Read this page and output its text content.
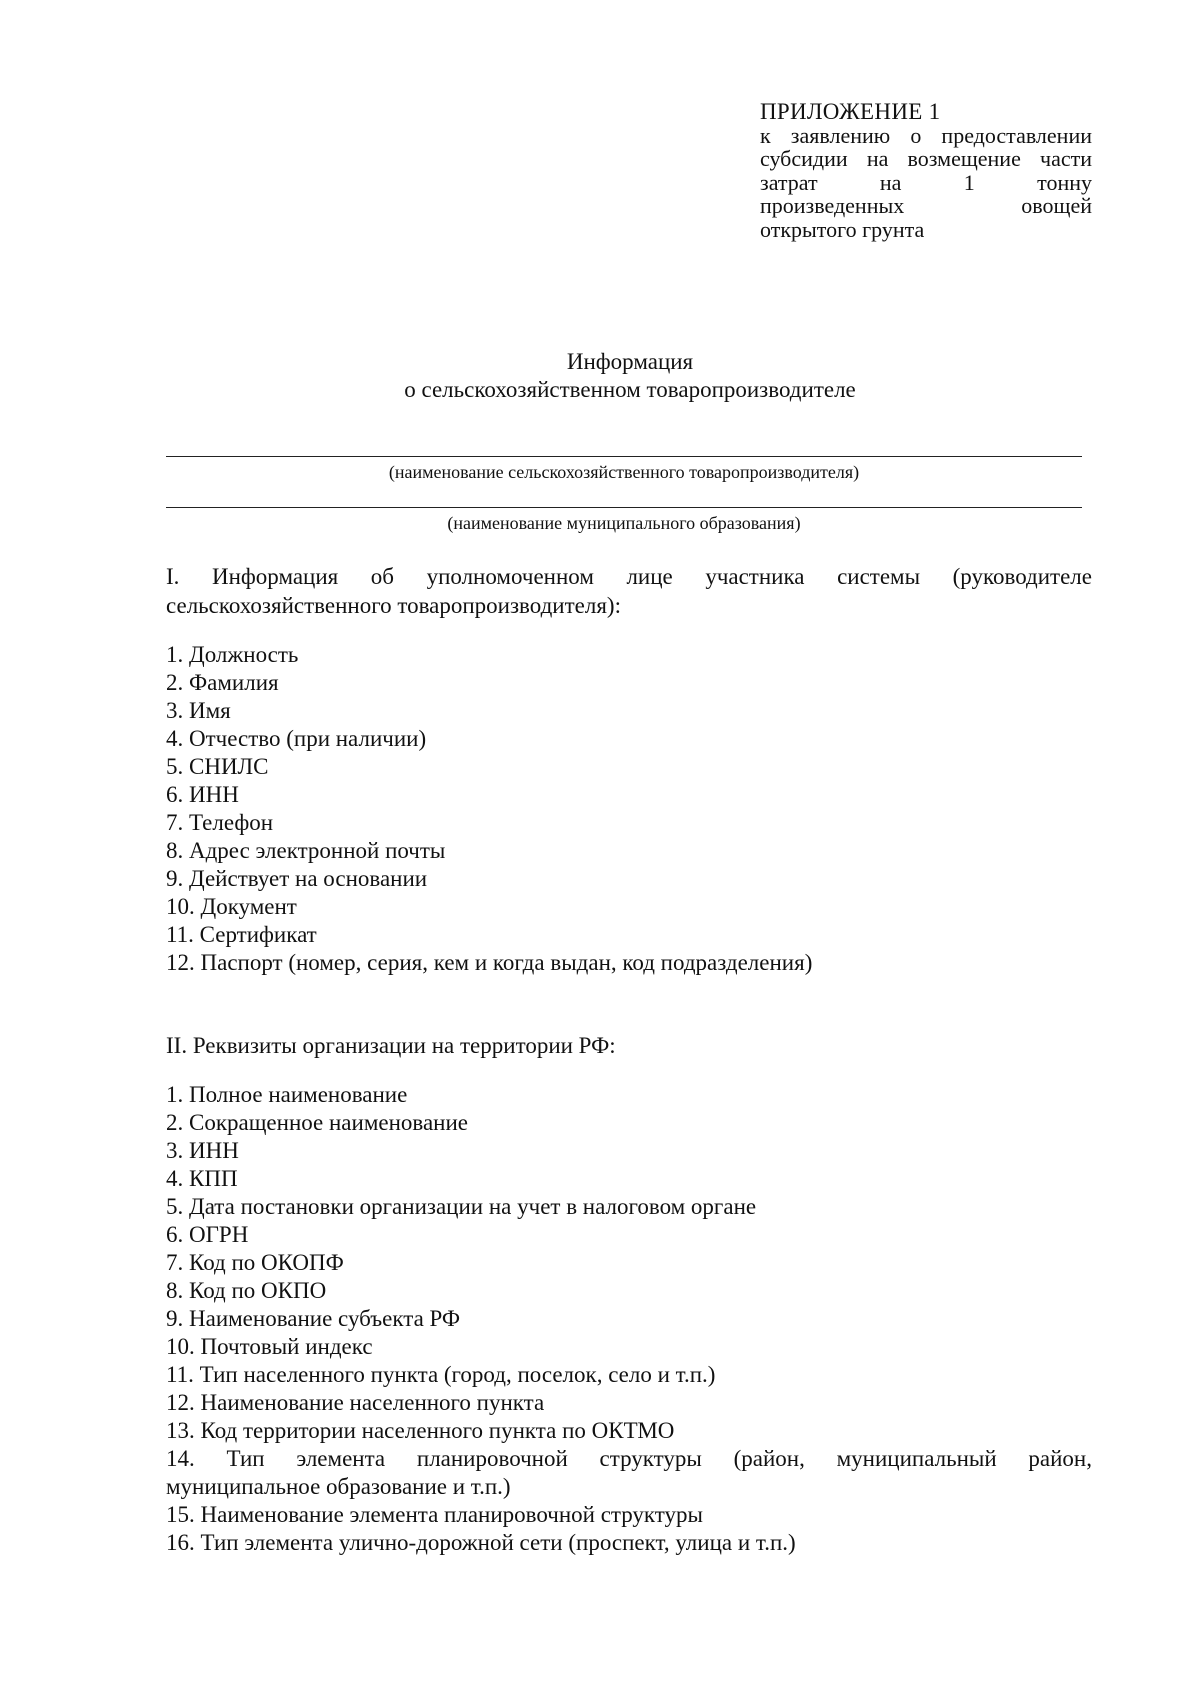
ПРИЛОЖЕНИЕ 1
к заявлению о предоставлении
субсидии на возмещение части
затрат на 1 тонну
произведенных овощей
открытого грунта
Информация
о сельскохозяйственном товаропроизводителе
(наименование сельскохозяйственного товаропроизводителя)
(наименование муниципального образования)
I. Информация об уполномоченном лице участника системы (руководителе
сельскохозяйственного товаропроизводителя):
1. Должность
2. Фамилия
3. Имя
4. Отчество (при наличии)
5. СНИЛС
6. ИНН
7. Телефон
8. Адрес электронной почты
9. Действует на основании
10. Документ
11. Сертификат
12. Паспорт (номер, серия, кем и когда выдан, код подразделения)
II. Реквизиты организации на территории РФ:
1. Полное наименование
2. Сокращенное наименование
3. ИНН
4. КПП
5. Дата постановки организации на учет в налоговом органе
6. ОГРН
7. Код по ОКОПФ
8. Код по ОКПО
9. Наименование субъекта РФ
10. Почтовый индекс
11. Тип населенного пункта (город, поселок, село и т.п.)
12. Наименование населенного пункта
13. Код территории населенного пункта по ОКТМО
14. Тип элемента планировочной структуры (район, муниципальный район,
муниципальное образование и т.п.)
15. Наименование элемента планировочной структуры
16. Тип элемента улично-дорожной сети (проспект, улица и т.п.)
